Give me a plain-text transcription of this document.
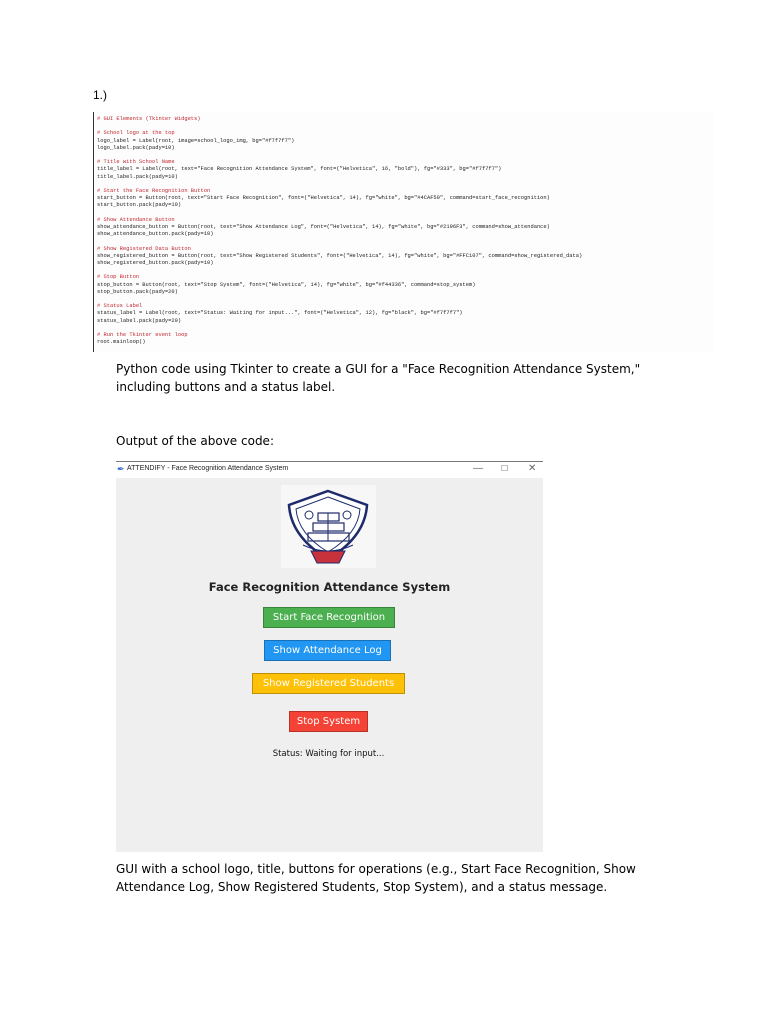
1.)
# GUI Elements (Tkinter Widgets)
# School logo at the top
logo_label = Label(root, image=school_logo_img, bg="#f7f7f7")
logo_label.pack(pady=10)
# Title with School Name
title_label = Label(root, text="Face Recognition Attendance System", font=("Helvetica", 16, "bold"), fg="#333", bg="#f7f7f7")
title_label.pack(pady=10)
# Start the Face Recognition Button
start_button = Button(root, text="Start Face Recognition", font=("Helvetica", 14), fg="white", bg="#4CAF50", command=start_face_recognition)
start_button.pack(pady=10)
# Show Attendance Button
show_attendance_button = Button(root, text="Show Attendance Log", font=("Helvetica", 14), fg="white", bg="#2196F3", command=show_attendance)
show_attendance_button.pack(pady=10)
# Show Registered Data Button
show_registered_button = Button(root, text="Show Registered Students", font=("Helvetica", 14), fg="white", bg="#FFC107", command=show_registered_data)
show_registered_button.pack(pady=10)
# Stop Button
stop_button = Button(root, text="Stop System", font=("Helvetica", 14), fg="white", bg="#f44336", command=stop_system)
stop_button.pack(pady=20)
# Status Label
status_label = Label(root, text="Status: Waiting for input...", font=("Helvetica", 12), fg="black", bg="#f7f7f7")
status_label.pack(pady=20)
# Run the Tkinter event loop
root.mainloop()
Python code using Tkinter to create a GUI for a "Face Recognition Attendance System," including buttons and a status label.
Output of the above code:
✒ ATTENDIFY - Face Recognition Attendance System	— ☐ ✕
Face Recognition Attendance System
Start Face Recognition
Show Attendance Log
Show Registered Students
Stop System
Status: Waiting for input...
GUI with a school logo, title, buttons for operations (e.g., Start Face Recognition, Show Attendance Log, Show Registered Students, Stop System), and a status message.
